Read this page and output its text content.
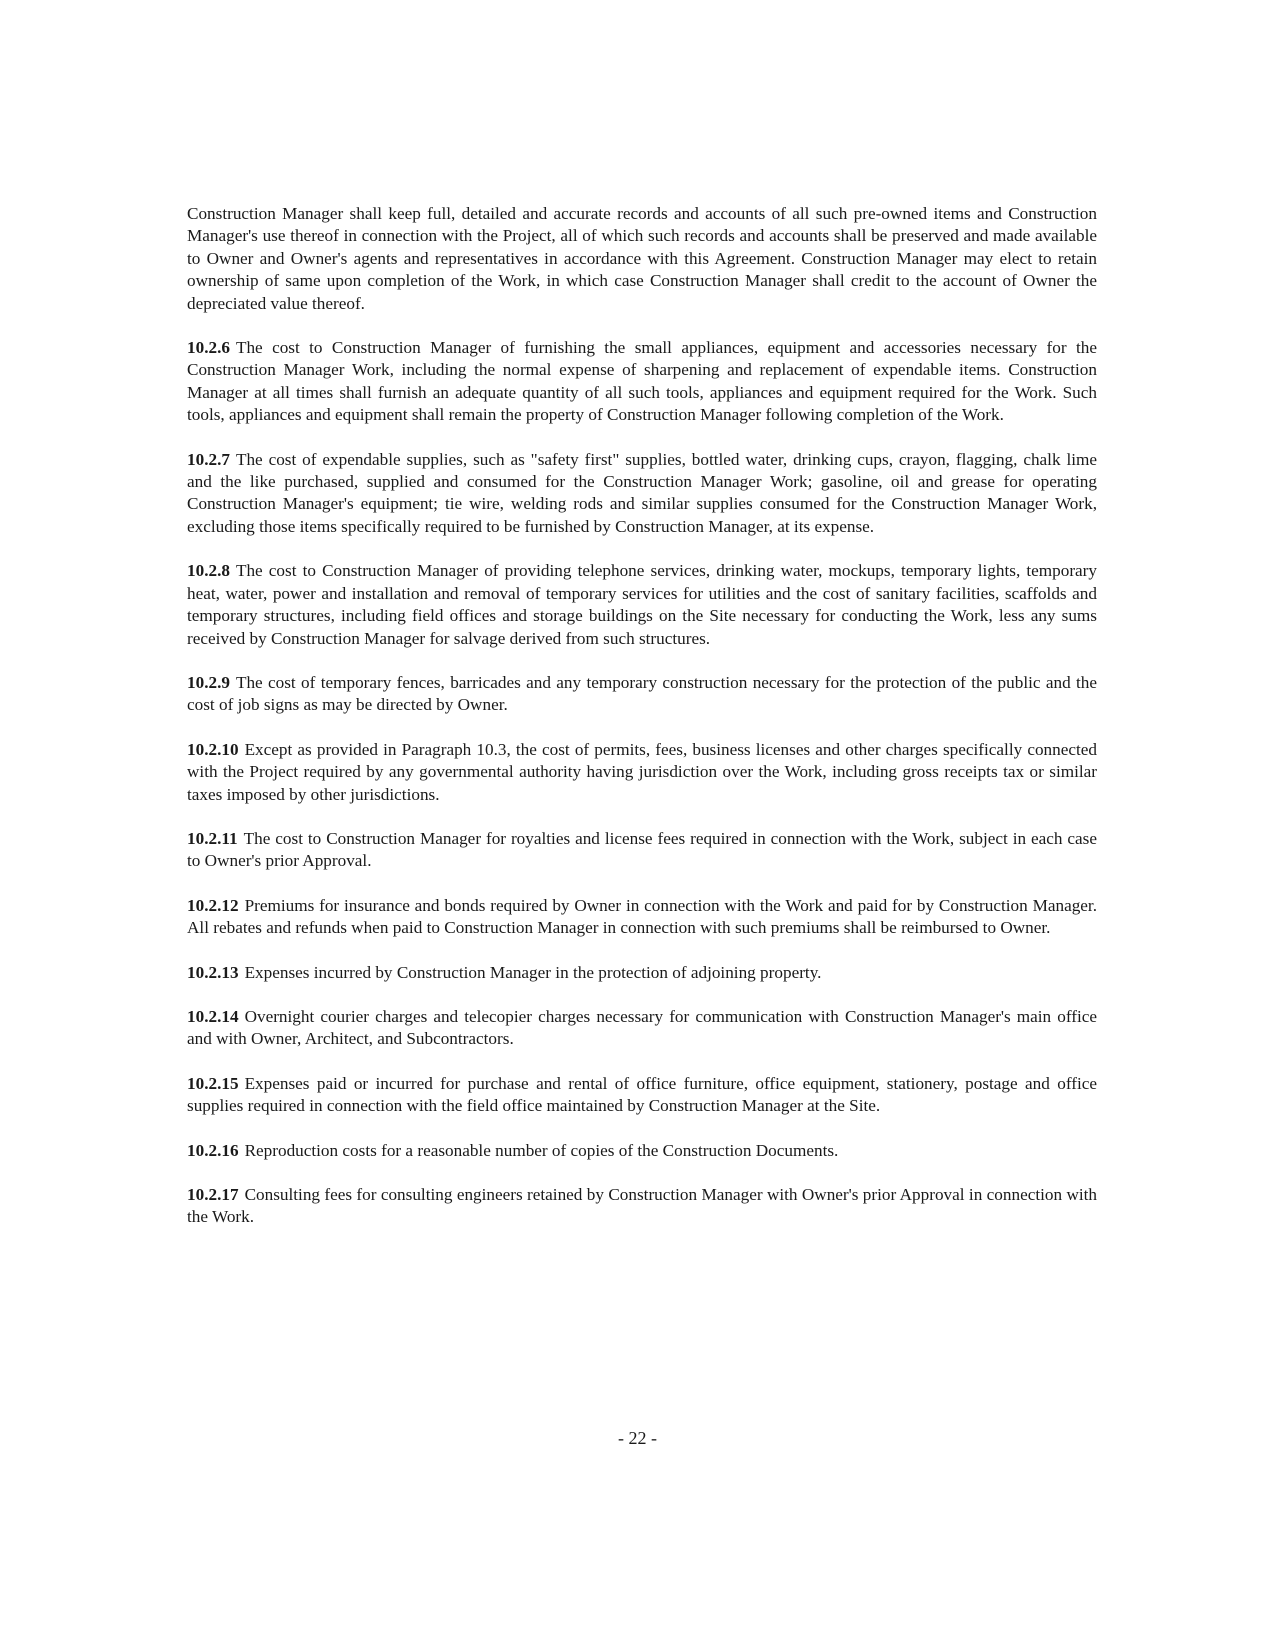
Construction Manager shall keep full, detailed and accurate records and accounts of all such pre-owned items and Construction Manager's use thereof in connection with the Project, all of which such records and accounts shall be preserved and made available to Owner and Owner's agents and representatives in accordance with this Agreement. Construction Manager may elect to retain ownership of same upon completion of the Work, in which case Construction Manager shall credit to the account of Owner the depreciated value thereof.

10.2.6 The cost to Construction Manager of furnishing the small appliances, equipment and accessories necessary for the Construction Manager Work, including the normal expense of sharpening and replacement of expendable items. Construction Manager at all times shall furnish an adequate quantity of all such tools, appliances and equipment required for the Work. Such tools, appliances and equipment shall remain the property of Construction Manager following completion of the Work.

10.2.7 The cost of expendable supplies, such as "safety first" supplies, bottled water, drinking cups, crayon, flagging, chalk lime and the like purchased, supplied and consumed for the Construction Manager Work; gasoline, oil and grease for operating Construction Manager's equipment; tie wire, welding rods and similar supplies consumed for the Construction Manager Work, excluding those items specifically required to be furnished by Construction Manager, at its expense.

10.2.8 The cost to Construction Manager of providing telephone services, drinking water, mockups, temporary lights, temporary heat, water, power and installation and removal of temporary services for utilities and the cost of sanitary facilities, scaffolds and temporary structures, including field offices and storage buildings on the Site necessary for conducting the Work, less any sums received by Construction Manager for salvage derived from such structures.

10.2.9 The cost of temporary fences, barricades and any temporary construction necessary for the protection of the public and the cost of job signs as may be directed by Owner.

10.2.10 Except as provided in Paragraph 10.3, the cost of permits, fees, business licenses and other charges specifically connected with the Project required by any governmental authority having jurisdiction over the Work, including gross receipts tax or similar taxes imposed by other jurisdictions.

10.2.11 The cost to Construction Manager for royalties and license fees required in connection with the Work, subject in each case to Owner's prior Approval.

10.2.12 Premiums for insurance and bonds required by Owner in connection with the Work and paid for by Construction Manager. All rebates and refunds when paid to Construction Manager in connection with such premiums shall be reimbursed to Owner.

10.2.13 Expenses incurred by Construction Manager in the protection of adjoining property.

10.2.14 Overnight courier charges and telecopier charges necessary for communication with Construction Manager's main office and with Owner, Architect, and Subcontractors.

10.2.15 Expenses paid or incurred for purchase and rental of office furniture, office equipment, stationery, postage and office supplies required in connection with the field office maintained by Construction Manager at the Site.

10.2.16 Reproduction costs for a reasonable number of copies of the Construction Documents.

10.2.17 Consulting fees for consulting engineers retained by Construction Manager with Owner's prior Approval in connection with the Work.

- 22 -
